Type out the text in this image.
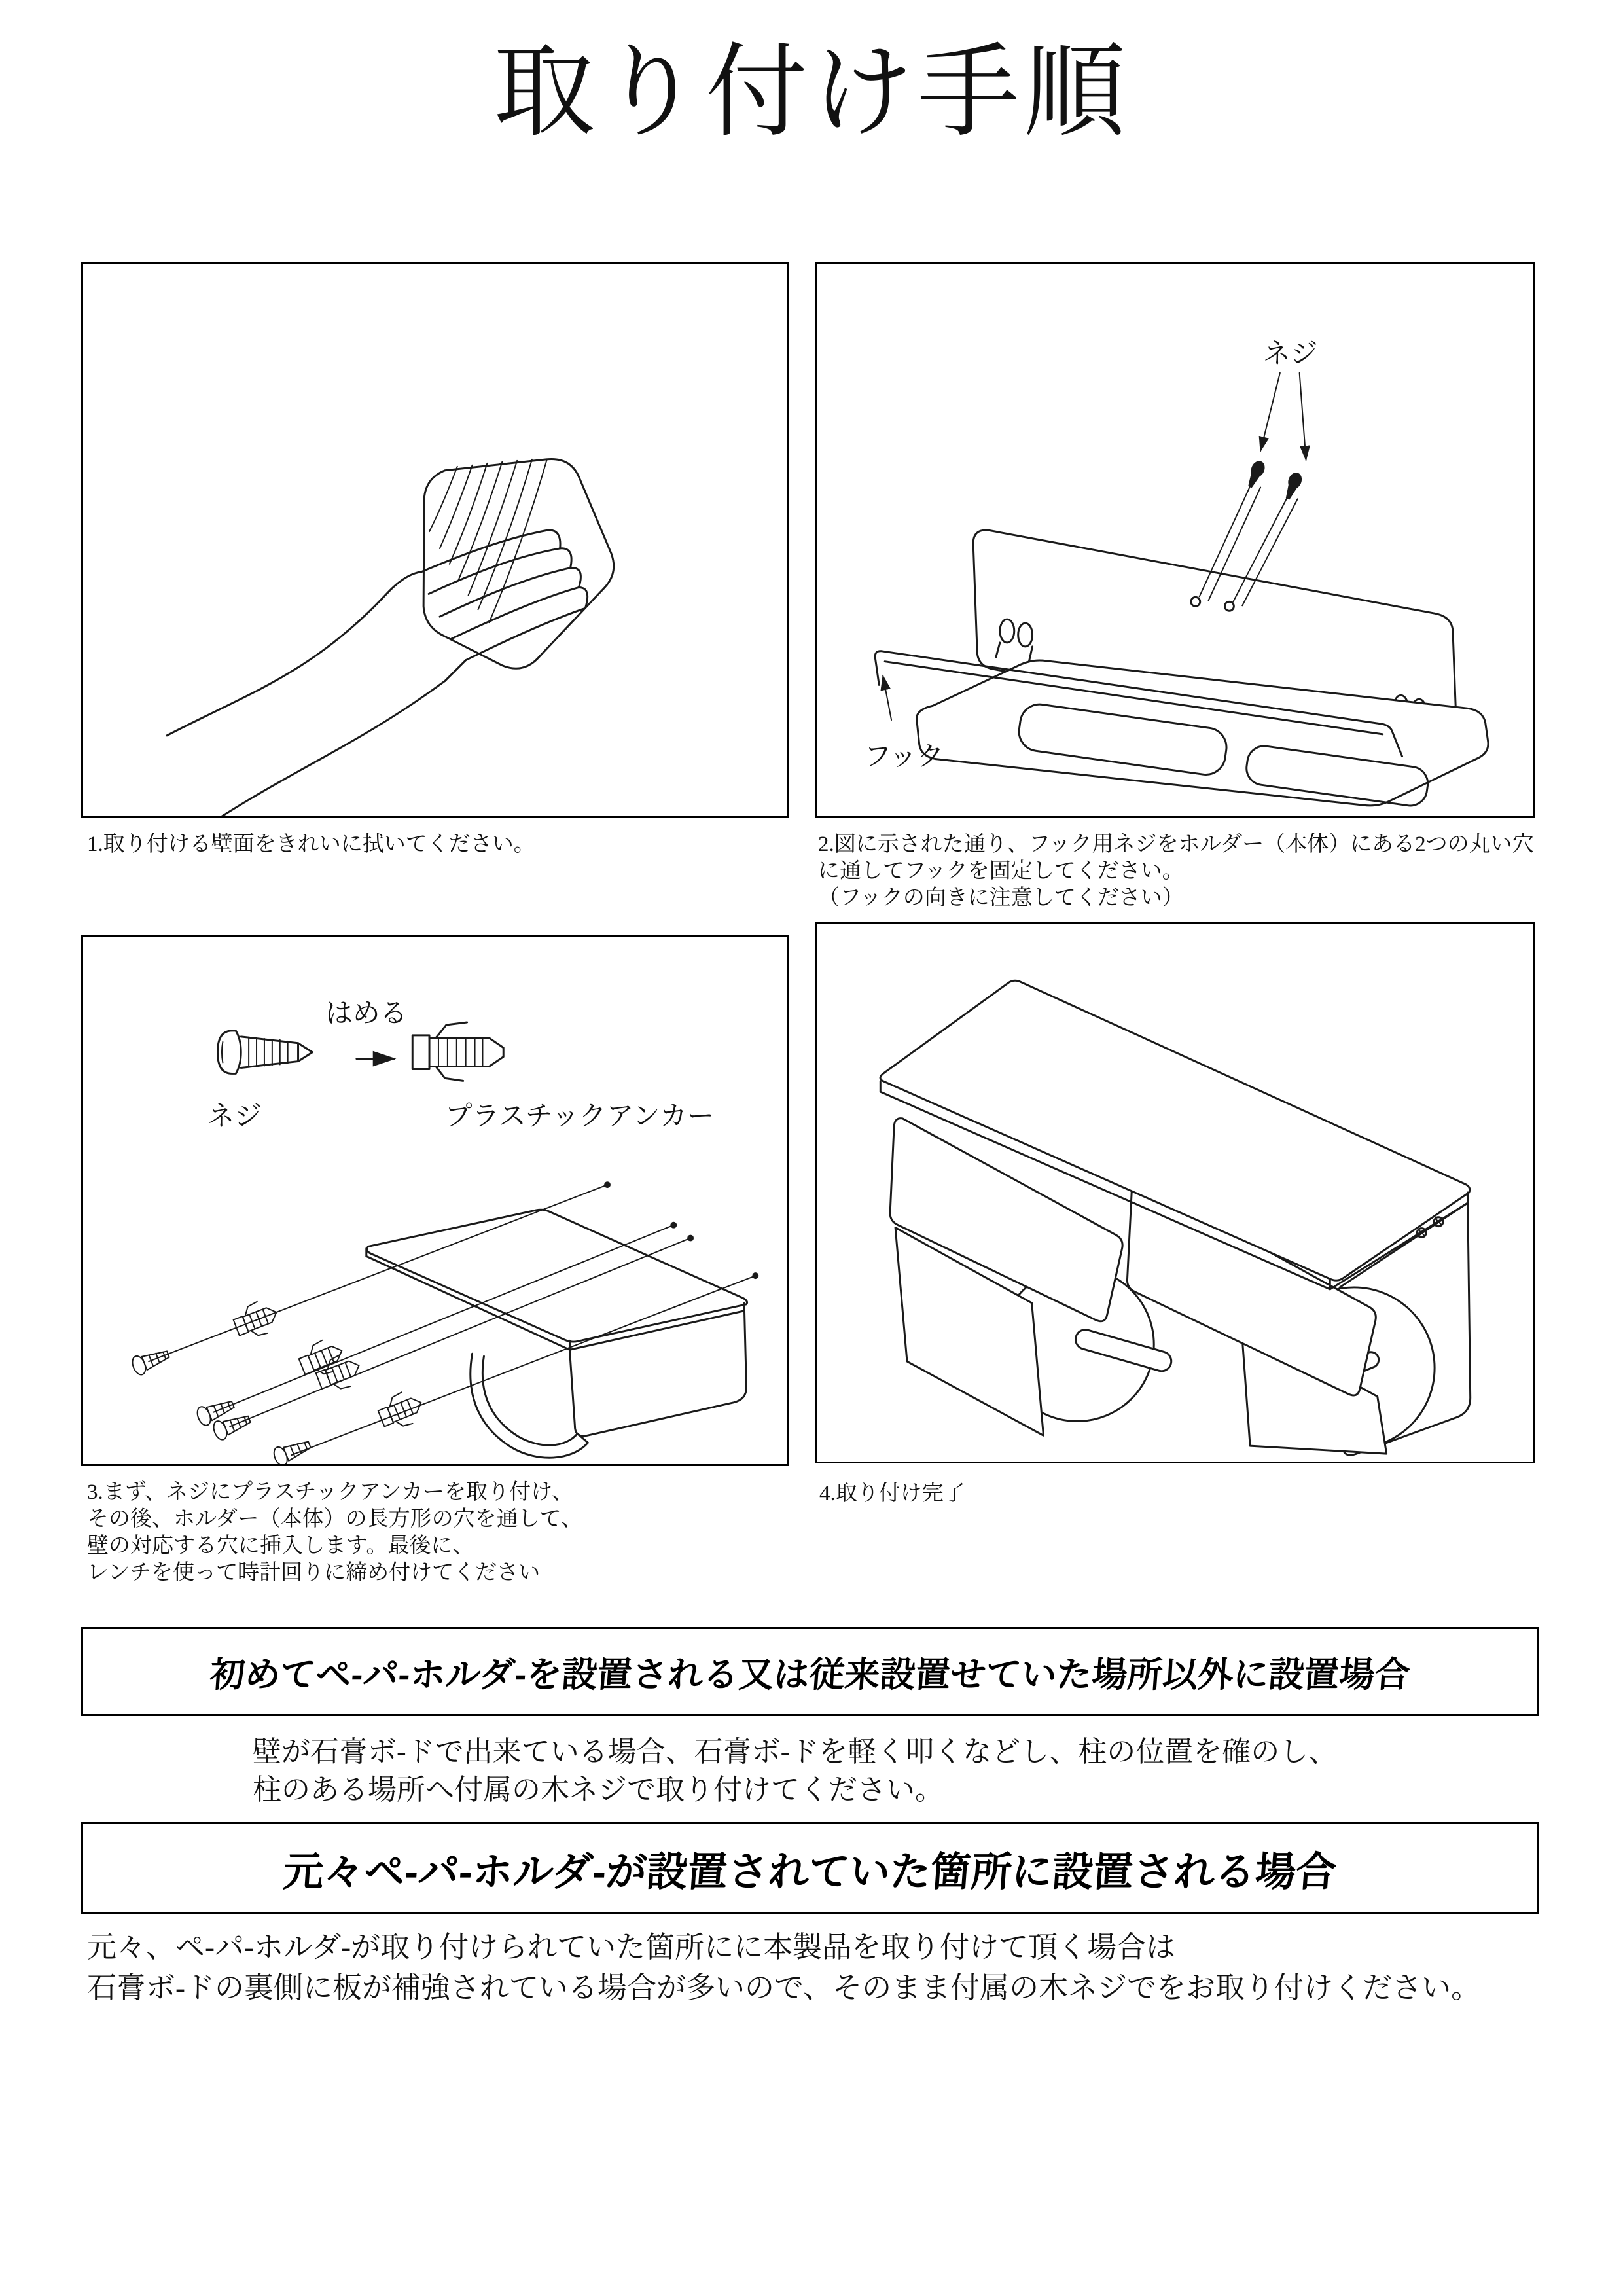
取り付け手順
ネジ
フック
1.取り付ける壁面をきれいに拭いてください。	2.図に示された通り、フック用ネジをホルダー（本体）にある2つの丸い穴
に通してフックを固定してください。
（フックの向きに注意してください）
はめる
ネジ	プラスチックアンカー
3.まず、ネジにプラスチックアンカーを取り付け、
その後、ホルダー（本体）の長方形の穴を通して、
壁の対応する穴に挿入します。最後に、
レンチを使って時計回りに締め付けてください
4.取り付け完了
初めてペ-パ-ホルダ-を設置される又は従来設置せていた場所以外に設置場合
壁が石膏ボ-ドで出来ている場合、石膏ボ-ドを軽く叩くなどし、柱の位置を確のし、
柱のある場所へ付属の木ネジで取り付けてください。
元々ペ-パ-ホルダ-が設置されていた箇所に設置される場合
元々、ペ-パ-ホルダ-が取り付けられていた箇所にに本製品を取り付けて頂く場合は
石膏ボ-ドの裏側に板が補強されている場合が多いので、そのまま付属の木ネジでをお取り付けください。
